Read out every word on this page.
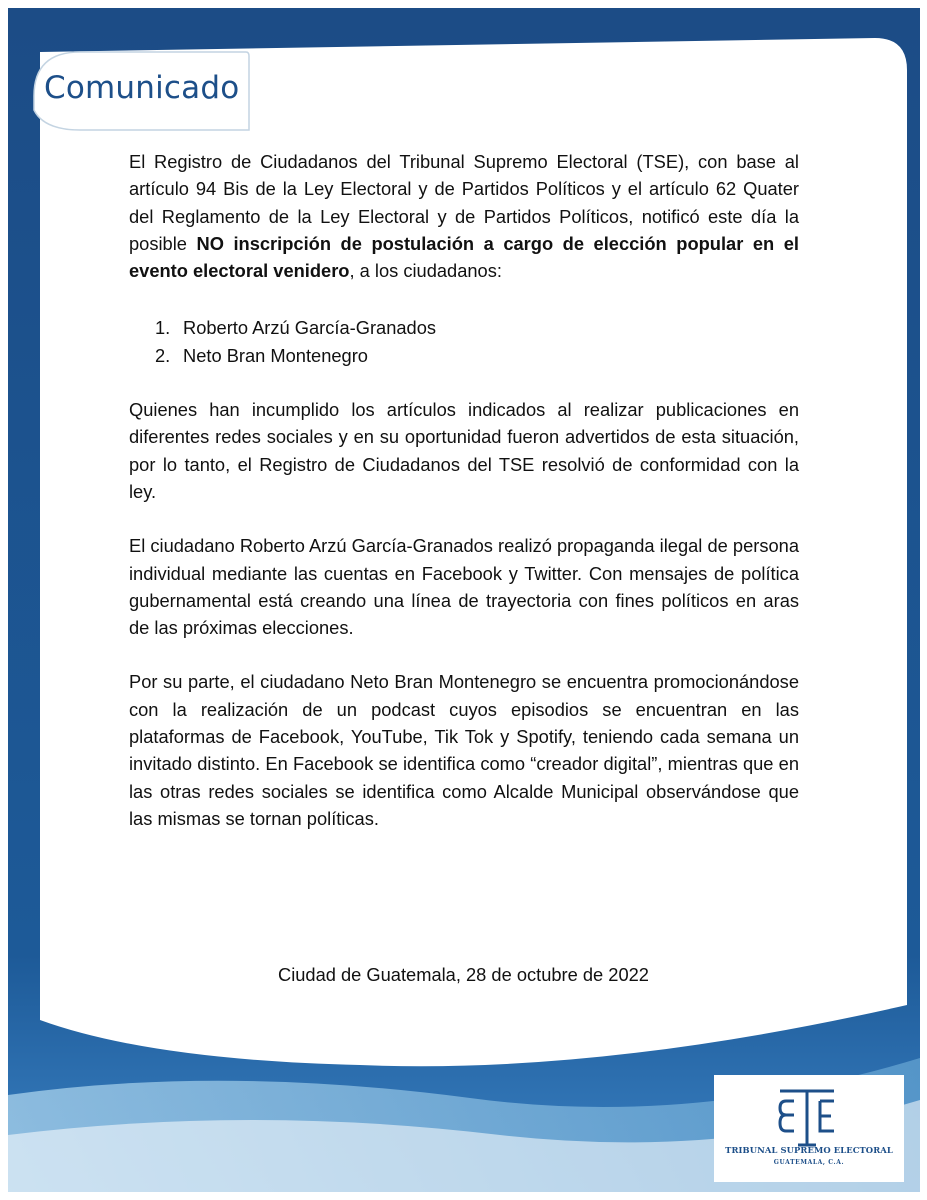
Comunicado

El Registro de Ciudadanos del Tribunal Supremo Electoral (TSE), con base al artículo 94 Bis de la Ley Electoral y de Partidos Políticos y el artículo 62 Quater del Reglamento de la Ley Electoral y de Partidos Políticos, notificó este día la posible NO inscripción de postulación a cargo de elección popular en el evento electoral venidero, a los ciudadanos:

1. Roberto Arzú García-Granados
2. Neto Bran Montenegro

Quienes han incumplido los artículos indicados al realizar publicaciones en diferentes redes sociales y en su oportunidad fueron advertidos de esta situación, por lo tanto, el Registro de Ciudadanos del TSE resolvió de conformidad con la ley.

El ciudadano Roberto Arzú García-Granados realizó propaganda ilegal de persona individual mediante las cuentas en Facebook y Twitter. Con mensajes de política gubernamental está creando una línea de trayectoria con fines políticos en aras de las próximas elecciones.

Por su parte, el ciudadano Neto Bran Montenegro se encuentra promocionándose con la realización de un podcast cuyos episodios se encuentran en las plataformas de Facebook, YouTube, Tik Tok y Spotify, teniendo cada semana un invitado distinto. En Facebook se identifica como “creador digital”, mientras que en las otras redes sociales se identifica como Alcalde Municipal observándose que las mismas se tornan políticas.

Ciudad de Guatemala, 28 de octubre de 2022

TRIBUNAL SUPREMO ELECTORAL
GUATEMALA, C.A.
